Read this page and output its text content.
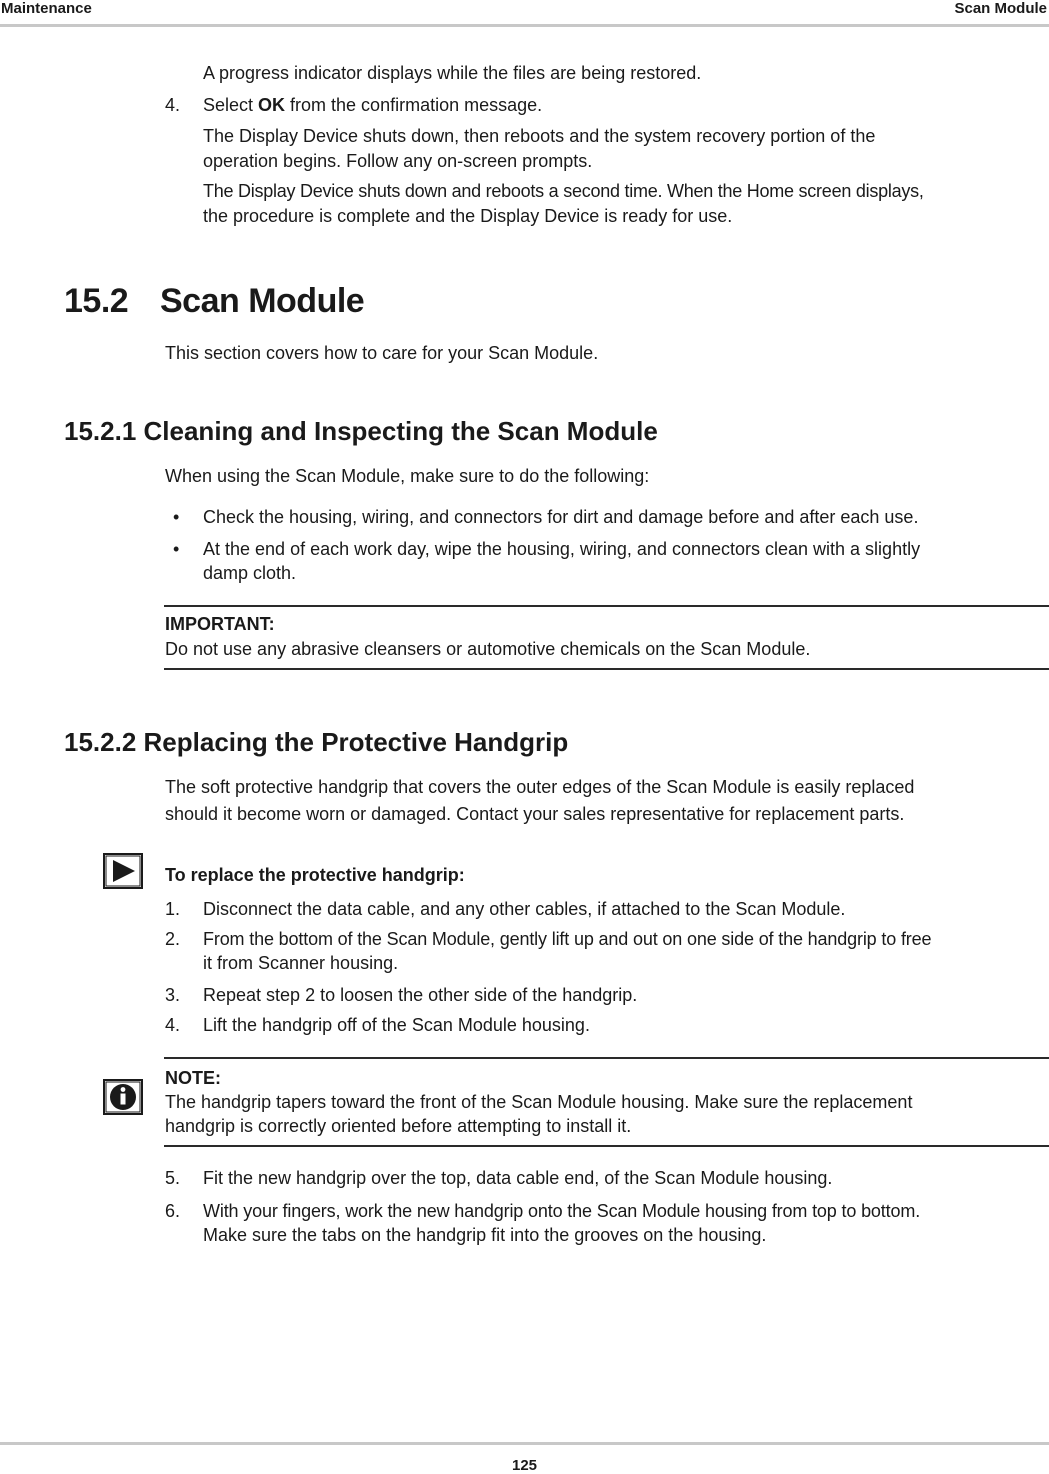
Maintenance	Scan Module

A progress indicator displays while the files are being restored.

4. Select OK from the confirmation message.

The Display Device shuts down, then reboots and the system recovery portion of the

operation begins. Follow any on-screen prompts.

The Display Device shuts down and reboots a second time. When the Home screen displays,

the procedure is complete and the Display Device is ready for use.

15.2 Scan Module

This section covers how to care for your Scan Module.

15.2.1 Cleaning and Inspecting the Scan Module

When using the Scan Module, make sure to do the following:

• Check the housing, wiring, and connectors for dirt and damage before and after each use.

• At the end of each work day, wipe the housing, wiring, and connectors clean with a slightly

damp cloth.

IMPORTANT:

Do not use any abrasive cleansers or automotive chemicals on the Scan Module.

15.2.2 Replacing the Protective Handgrip

The soft protective handgrip that covers the outer edges of the Scan Module is easily replaced

should it become worn or damaged. Contact your sales representative for replacement parts.

To replace the protective handgrip:

1. Disconnect the data cable, and any other cables, if attached to the Scan Module.

2. From the bottom of the Scan Module, gently lift up and out on one side of the handgrip to free

it from Scanner housing.

3. Repeat step 2 to loosen the other side of the handgrip.

4. Lift the handgrip off of the Scan Module housing.

NOTE:

The handgrip tapers toward the front of the Scan Module housing. Make sure the replacement

handgrip is correctly oriented before attempting to install it.

5. Fit the new handgrip over the top, data cable end, of the Scan Module housing.

6. With your fingers, work the new handgrip onto the Scan Module housing from top to bottom.

Make sure the tabs on the handgrip fit into the grooves on the housing.

125
